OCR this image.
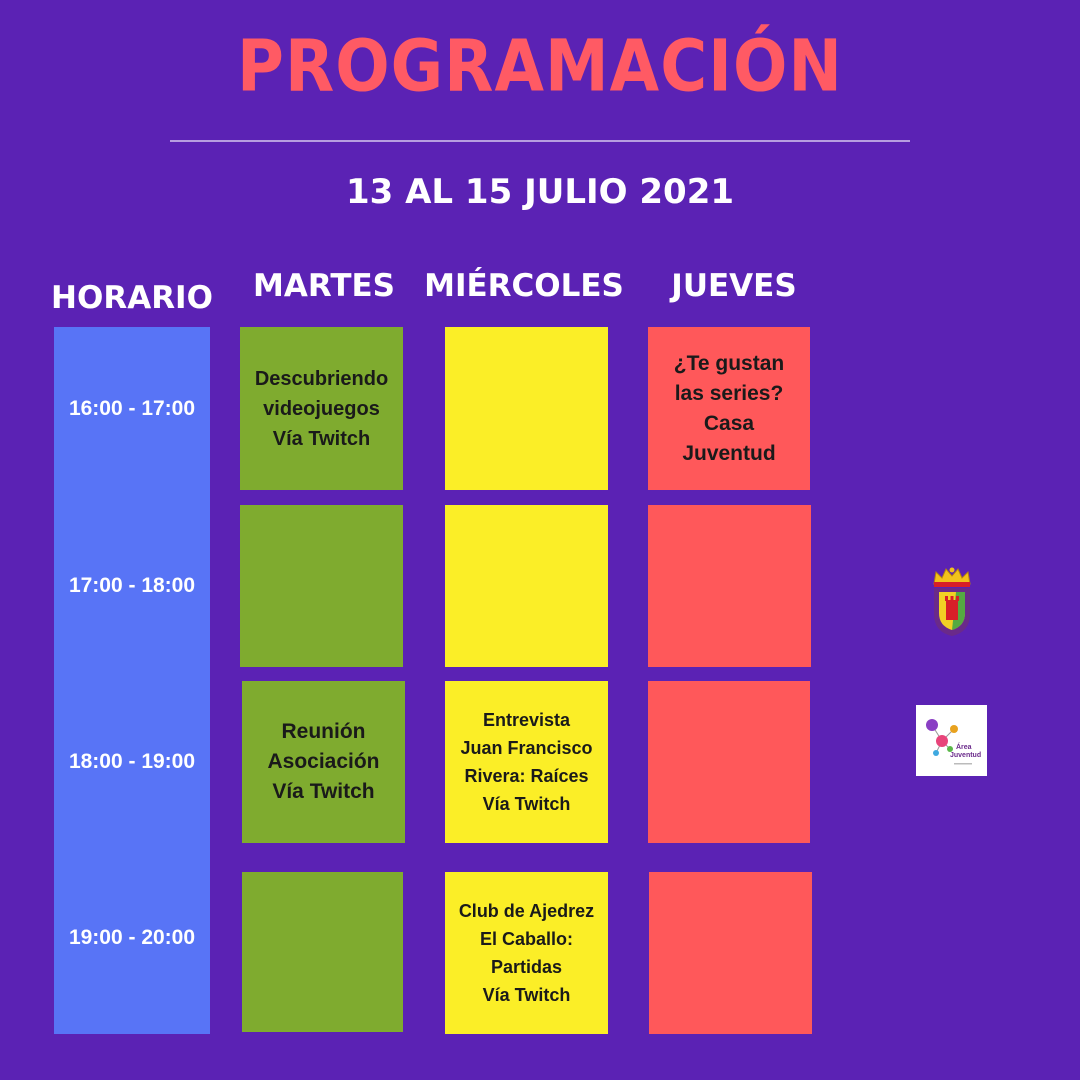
PROGRAMACIÓN
13 AL 15 JULIO 2021
HORARIO	MARTES MIÉRCOLES	JUEVES
16:00 - 17:00
17:00 - 18:00
18:00 - 19:00
19:00 - 20:00
Descubriendo
videojuegos
Vía Twitch
Reunión
Asociación
Vía Twitch
Entrevista
Juan Francisco
Rivera: Raíces
Vía Twitch
Club de Ajedrez
El Caballo:
Partidas
Vía Twitch
¿Te gustan
las series?
Casa
Juventud
Área
Juventud
